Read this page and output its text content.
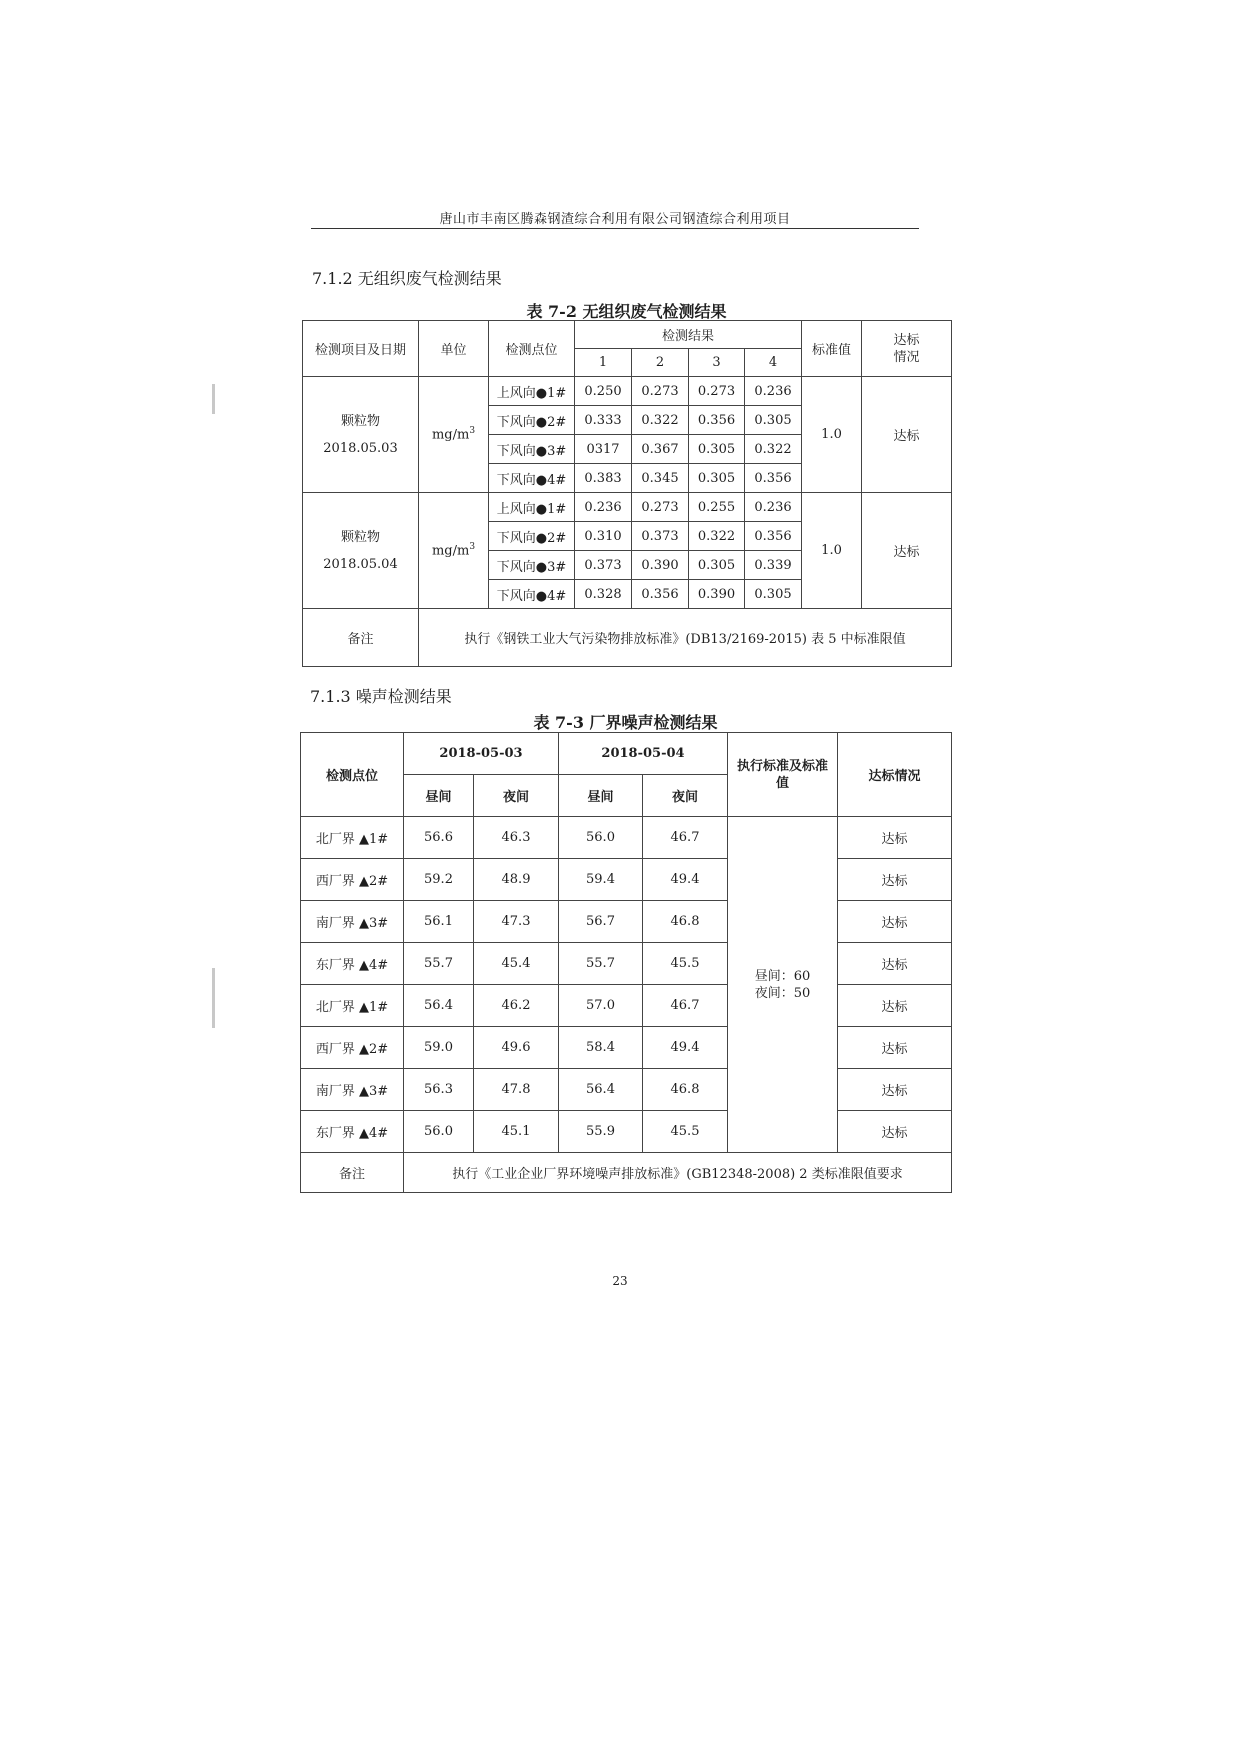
唐山市丰南区腾森钢渣综合利用有限公司钢渣综合利用项目
7.1.2 无组织废气检测结果
表 7-2 无组织废气检测结果
检测项目及日期	单位	检测点位	检测结果				标准值	达标情况
			1	2	3	4		

颗粒物
2018.05.03	$mg/m^3$	上风向●1#	0.250	0.273	0.273	0.236	1.0	达标
		下风向●2#	0.333	0.322	0.356	0.305		
		下风向●3#	0317	0.367	0.305	0.322		
		下风向●4#	0.383	0.345	0.305	0.356		

颗粒物
2018.05.04	$mg/m^3$	上风向●1#	0.236	0.273	0.255	0.236	1.0	达标
		下风向●2#	0.310	0.373	0.322	0.356		
		下风向●3#	0.373	0.390	0.305	0.339		
		下风向●4#	0.328	0.356	0.390	0.305		
备注	执行《钢铁工业大气污染物排放标准》(DB13/2169-2015) 表 5 中标准限值							
7.1.3 噪声检测结果
表 7-3 厂界噪声检测结果
检测点位	2018-05-03		2018-05-04		执行标准及标准值	达标情况
	昼间	夜间	昼间	夜间		
北厂界 ▲1#	56.6	46.3	56.0	46.7	昼间：60
夜间：50	达标
西厂界 ▲2#	59.2	48.9	59.4	49.4		达标
南厂界 ▲3#	56.1	47.3	56.7	46.8		达标
东厂界 ▲4#	55.7	45.4	55.7	45.5		达标
北厂界 ▲1#	56.4	46.2	57.0	46.7		达标
西厂界 ▲2#	59.0	49.6	58.4	49.4		达标
南厂界 ▲3#	56.3	47.8	56.4	46.8		达标
东厂界 ▲4#	56.0	45.1	55.9	45.5		达标
备注	执行《工业企业厂界环境噪声排放标准》(GB12348-2008) 2 类标准限值要求					
23
